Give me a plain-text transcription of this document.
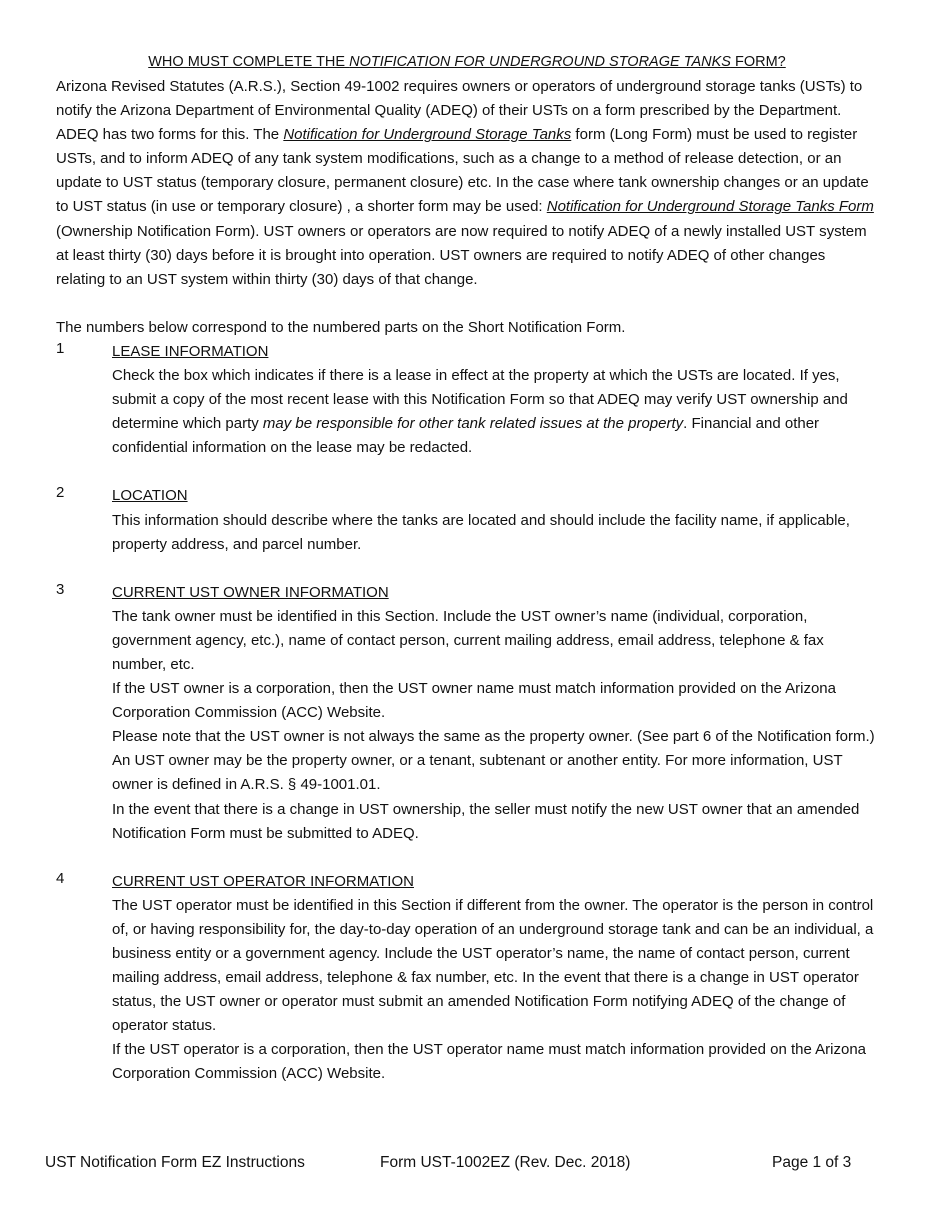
WHO MUST COMPLETE THE NOTIFICATION FOR UNDERGROUND STORAGE TANKS FORM?

Arizona Revised Statutes (A.R.S.), Section 49-1002 requires owners or operators of underground storage tanks (USTs) to notify the Arizona Department of Environmental Quality (ADEQ) of their USTs on a form prescribed by the Department. ADEQ has two forms for this. The Notification for Underground Storage Tanks form (Long Form) must be used to register USTs, and to inform ADEQ of any tank system modifications, such as a change to a method of release detection, or an update to UST status (temporary closure, permanent closure) etc. In the case where tank ownership changes or an update to UST status (in use or temporary closure) , a shorter form may be used: Notification for Underground Storage Tanks Form (Ownership Notification Form). UST owners or operators are now required to notify ADEQ of a newly installed UST system at least thirty (30) days before it is brought into operation. UST owners are required to notify ADEQ of other changes relating to an UST system within thirty (30) days of that change.

The numbers below correspond to the numbered parts on the Short Notification Form.

1	LEASE INFORMATION

Check the box which indicates if there is a lease in effect at the property at which the USTs are located. If yes, submit a copy of the most recent lease with this Notification Form so that ADEQ may verify UST ownership and determine which party may be responsible for other tank related issues at the property. Financial and other confidential information on the lease may be redacted.

2	LOCATION

This information should describe where the tanks are located and should include the facility name, if applicable, property address, and parcel number.

3	CURRENT UST OWNER INFORMATION

The tank owner must be identified in this Section. Include the UST owner’s name (individual, corporation, government agency, etc.), name of contact person, current mailing address, email address, telephone & fax number, etc.

If the UST owner is a corporation, then the UST owner name must match information provided on the Arizona Corporation Commission (ACC) Website.

Please note that the UST owner is not always the same as the property owner. (See part 6 of the Notification form.) An UST owner may be the property owner, or a tenant, subtenant or another entity. For more information, UST owner is defined in A.R.S. § 49-1001.01.

In the event that there is a change in UST ownership, the seller must notify the new UST owner that an amended Notification Form must be submitted to ADEQ.

4	CURRENT UST OPERATOR INFORMATION

The UST operator must be identified in this Section if different from the owner. The operator is the person in control of, or having responsibility for, the day-to-day operation of an underground storage tank and can be an individual, a business entity or a government agency. Include the UST operator’s name, the name of contact person, current mailing address, email address, telephone & fax number, etc. In the event that there is a change in UST operator status, the UST owner or operator must submit an amended Notification Form notifying ADEQ of the change of operator status.

If the UST operator is a corporation, then the UST operator name must match information provided on the Arizona Corporation Commission (ACC) Website.

UST Notification Form EZ Instructions	Form UST-1002EZ (Rev. Dec. 2018)	Page 1 of 3
